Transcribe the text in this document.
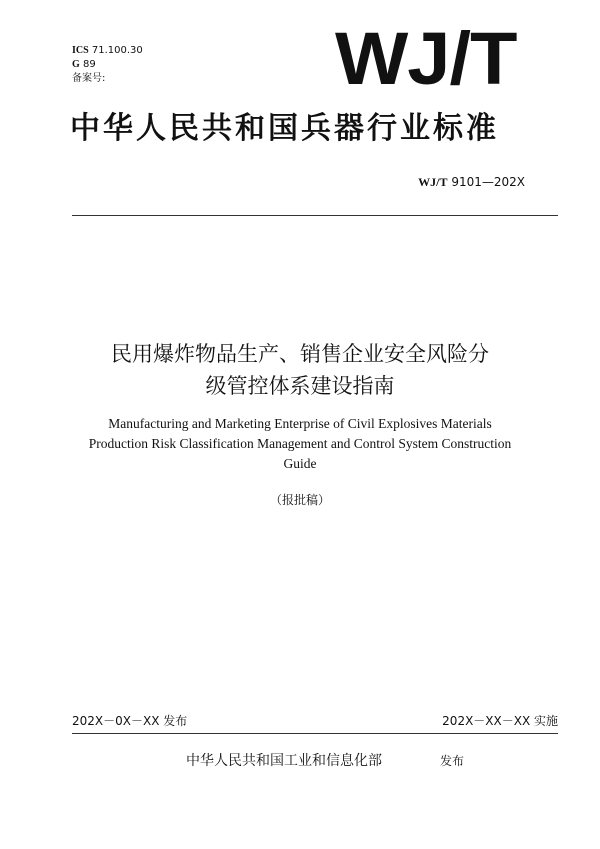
ICS 71.100.30
G 89
备案号:	WJ/T
中华人民共和国兵器行业标准
WJ/T 9101—202X
民用爆炸物品生产、销售企业安全风险分
级管控体系建设指南
Manufacturing and Marketing Enterprise of Civil Explosives Materials
Production Risk Classification Management and Control System Construction
Guide
（报批稿）
202X－0X－XX 发布	202X－XX－XX 实施
中华人民共和国工业和信息化部	发布
